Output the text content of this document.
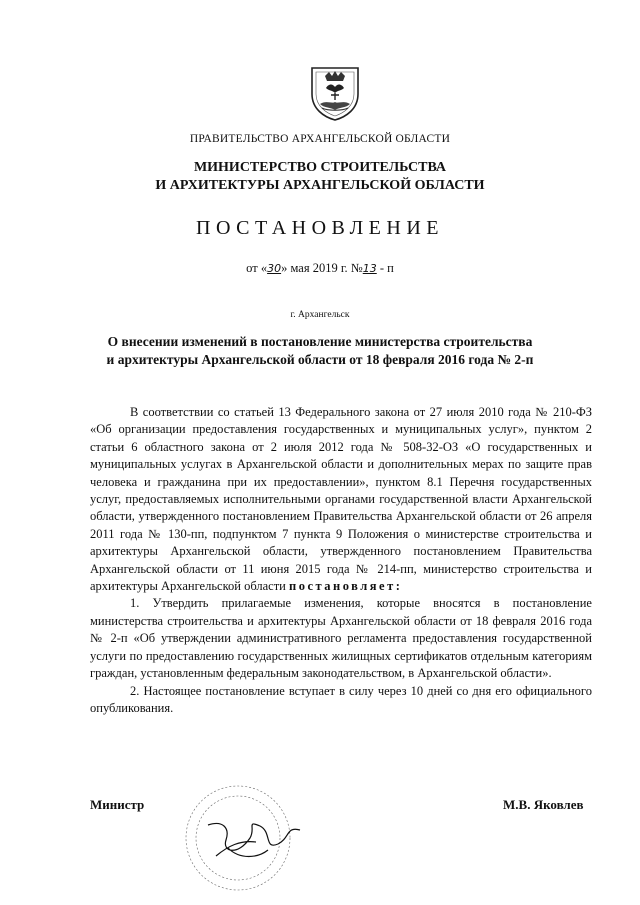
ПРАВИТЕЛЬСТВО АРХАНГЕЛЬСКОЙ ОБЛАСТИ
МИНИСТЕРСТВО СТРОИТЕЛЬСТВА
И АРХИТЕКТУРЫ АРХАНГЕЛЬСКОЙ ОБЛАСТИ
ПОСТАНОВЛЕНИЕ
от «30» мая 2019 г. №13 - п
г. Архангельск
О внесении изменений в постановление министерства строительства
и архитектуры Архангельской области от 18 февраля 2016 года № 2-п

В соответствии со статьей 13 Федерального закона от 27 июля 2010 года № 210-ФЗ «Об организации предоставления государственных и муниципальных услуг», пунктом 2 статьи 6 областного закона от 2 июля 2012 года № 508-32-ОЗ «О государственных и муниципальных услугах в Архангельской области и дополнительных мерах по защите прав человека и гражданина при их предоставлении», пунктом 8.1 Перечня государственных услуг, предоставляемых исполнительными органами государственной власти Архангельской области, утвержденного постановлением Правительства Архангельской области от 26 апреля 2011 года № 130-пп, подпунктом 7 пункта 9 Положения о министерстве строительства и архитектуры Архангельской области, утвержденного постановлением Правительства Архангельской области от 11 июня 2015 года № 214-пп, министерство строительства и архитектуры Архангельской области постановляет:

1. Утвердить прилагаемые изменения, которые вносятся в постановление министерства строительства и архитектуры Архангельской области от 18 февраля 2016 года № 2-п «Об утверждении административного регламента предоставления государственной услуги по предоставлению государственных жилищных сертификатов отдельным категориям граждан, установленным федеральным законодательством, в Архангельской области».

2. Настоящее постановление вступает в силу через 10 дней со дня его официального опубликования.

Министр	М.В. Яковлев
